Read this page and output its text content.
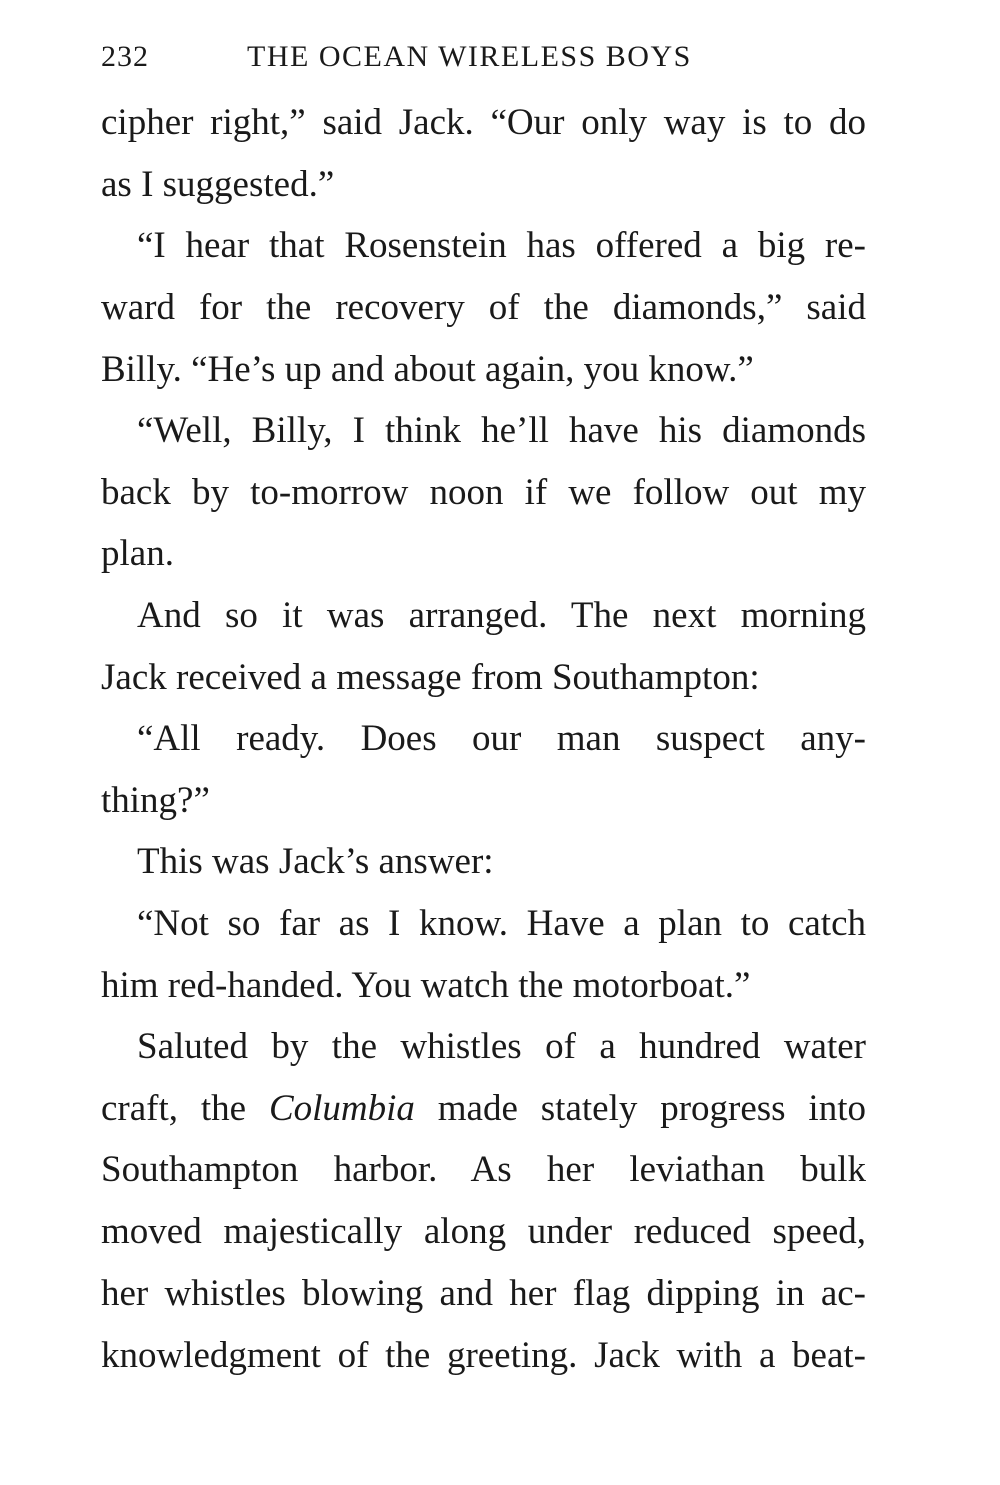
232	THE OCEAN WIRELESS BOYS
cipher right,” said Jack. “Our only way is to do
as I suggested.”
“I hear that Rosenstein has offered a big re-
ward for the recovery of the diamonds,” said
Billy. “He’s up and about again, you know.”
“Well, Billy, I think he’ll have his diamonds
back by to-morrow noon if we follow out my
plan.
And so it was arranged. The next morning
Jack received a message from Southampton:
“All ready. Does our man suspect any-
thing?”
This was Jack’s answer:
“Not so far as I know. Have a plan to catch
him red-handed. You watch the motorboat.”
Saluted by the whistles of a hundred water
craft, the Columbia made stately progress into
Southampton harbor. As her leviathan bulk
moved majestically along under reduced speed,
her whistles blowing and her flag dipping in ac-
knowledgment of the greeting. Jack with a beat-
